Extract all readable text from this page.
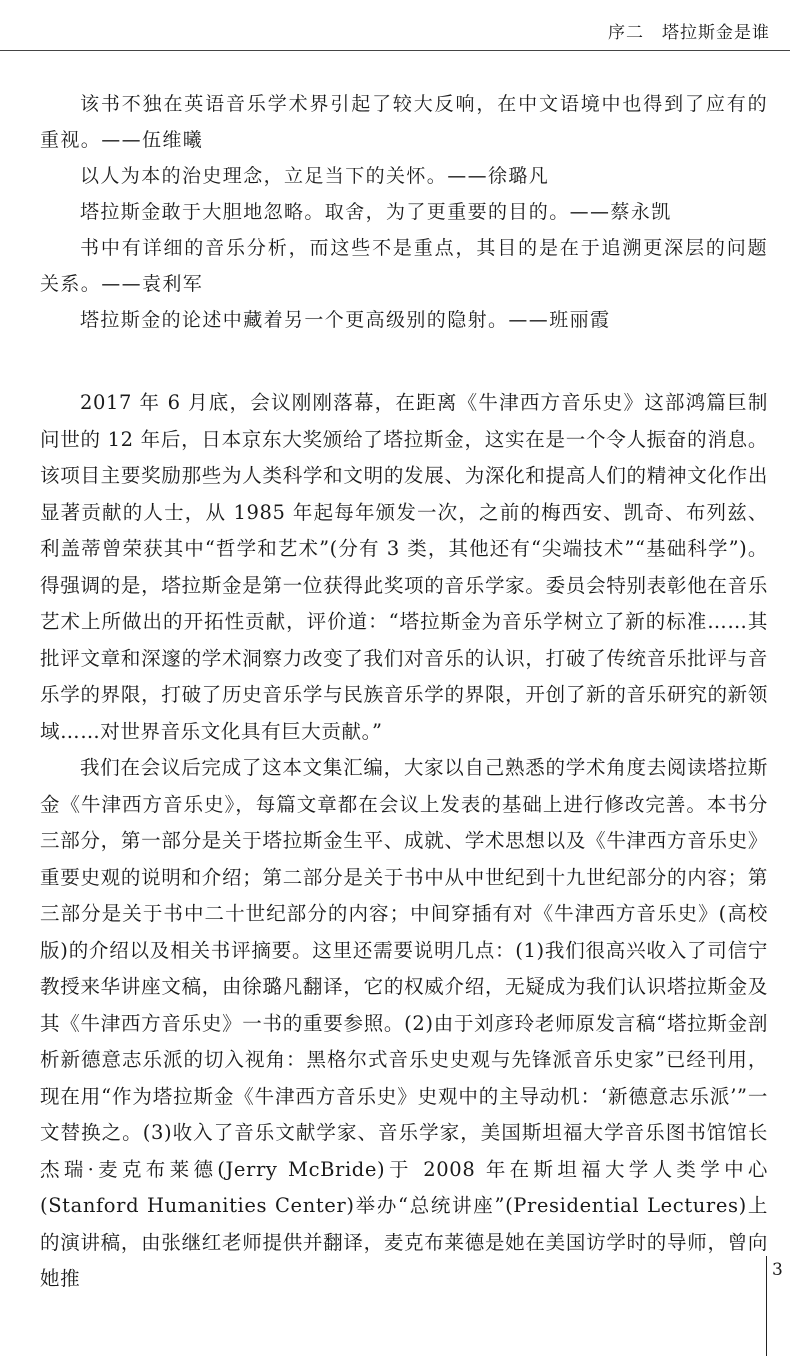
序二　塔拉斯金是谁

该书不独在英语音乐学术界引起了较大反响，在中文语境中也得到了应有的重视。——伍维曦

以人为本的治史理念，立足当下的关怀。——徐璐凡

塔拉斯金敢于大胆地忽略。取舍，为了更重要的目的。——蔡永凯

书中有详细的音乐分析，而这些不是重点，其目的是在于追溯更深层的问题关系。——袁利军

塔拉斯金的论述中藏着另一个更高级别的隐射。——班丽霞

2017 年 6 月底，会议刚刚落幕，在距离《牛津西方音乐史》这部鸿篇巨制问世的 12 年后，日本京东大奖颁给了塔拉斯金，这实在是一个令人振奋的消息。该项目主要奖励那些为人类科学和文明的发展、为深化和提高人们的精神文化作出显著贡献的人士，从 1985 年起每年颁发一次，之前的梅西安、凯奇、布列兹、利盖蒂曾荣获其中“哲学和艺术”(分有 3 类，其他还有“尖端技术”“基础科学”)。得强调的是，塔拉斯金是第一位获得此奖项的音乐学家。委员会特别表彰他在音乐艺术上所做出的开拓性贡献，评价道：“塔拉斯金为音乐学树立了新的标准……其批评文章和深邃的学术洞察力改变了我们对音乐的认识，打破了传统音乐批评与音乐学的界限，打破了历史音乐学与民族音乐学的界限，开创了新的音乐研究的新领域……对世界音乐文化具有巨大贡献。”

我们在会议后完成了这本文集汇编，大家以自己熟悉的学术角度去阅读塔拉斯金《牛津西方音乐史》，每篇文章都在会议上发表的基础上进行修改完善。本书分三部分，第一部分是关于塔拉斯金生平、成就、学术思想以及《牛津西方音乐史》重要史观的说明和介绍；第二部分是关于书中从中世纪到十九世纪部分的内容；第三部分是关于书中二十世纪部分的内容；中间穿插有对《牛津西方音乐史》(高校版)的介绍以及相关书评摘要。这里还需要说明几点：(1)我们很高兴收入了司信宁教授来华讲座文稿，由徐璐凡翻译，它的权威介绍，无疑成为我们认识塔拉斯金及其《牛津西方音乐史》一书的重要参照。(2)由于刘彦玲老师原发言稿“塔拉斯金剖析新德意志乐派的切入视角：黑格尔式音乐史史观与先锋派音乐史家”已经刊用，现在用“作为塔拉斯金《牛津西方音乐史》史观中的主导动机：‘新德意志乐派’”一文替换之。(3)收入了音乐文献学家、音乐学家，美国斯坦福大学音乐图书馆馆长杰瑞·麦克布莱德(Jerry McBride)于 2008 年在斯坦福大学人类学中心(Stanford Humanities Center)举办“总统讲座”(Presidential Lectures)上的演讲稿，由张继红老师提供并翻译，麦克布莱德是她在美国访学时的导师，曾向她推	3
